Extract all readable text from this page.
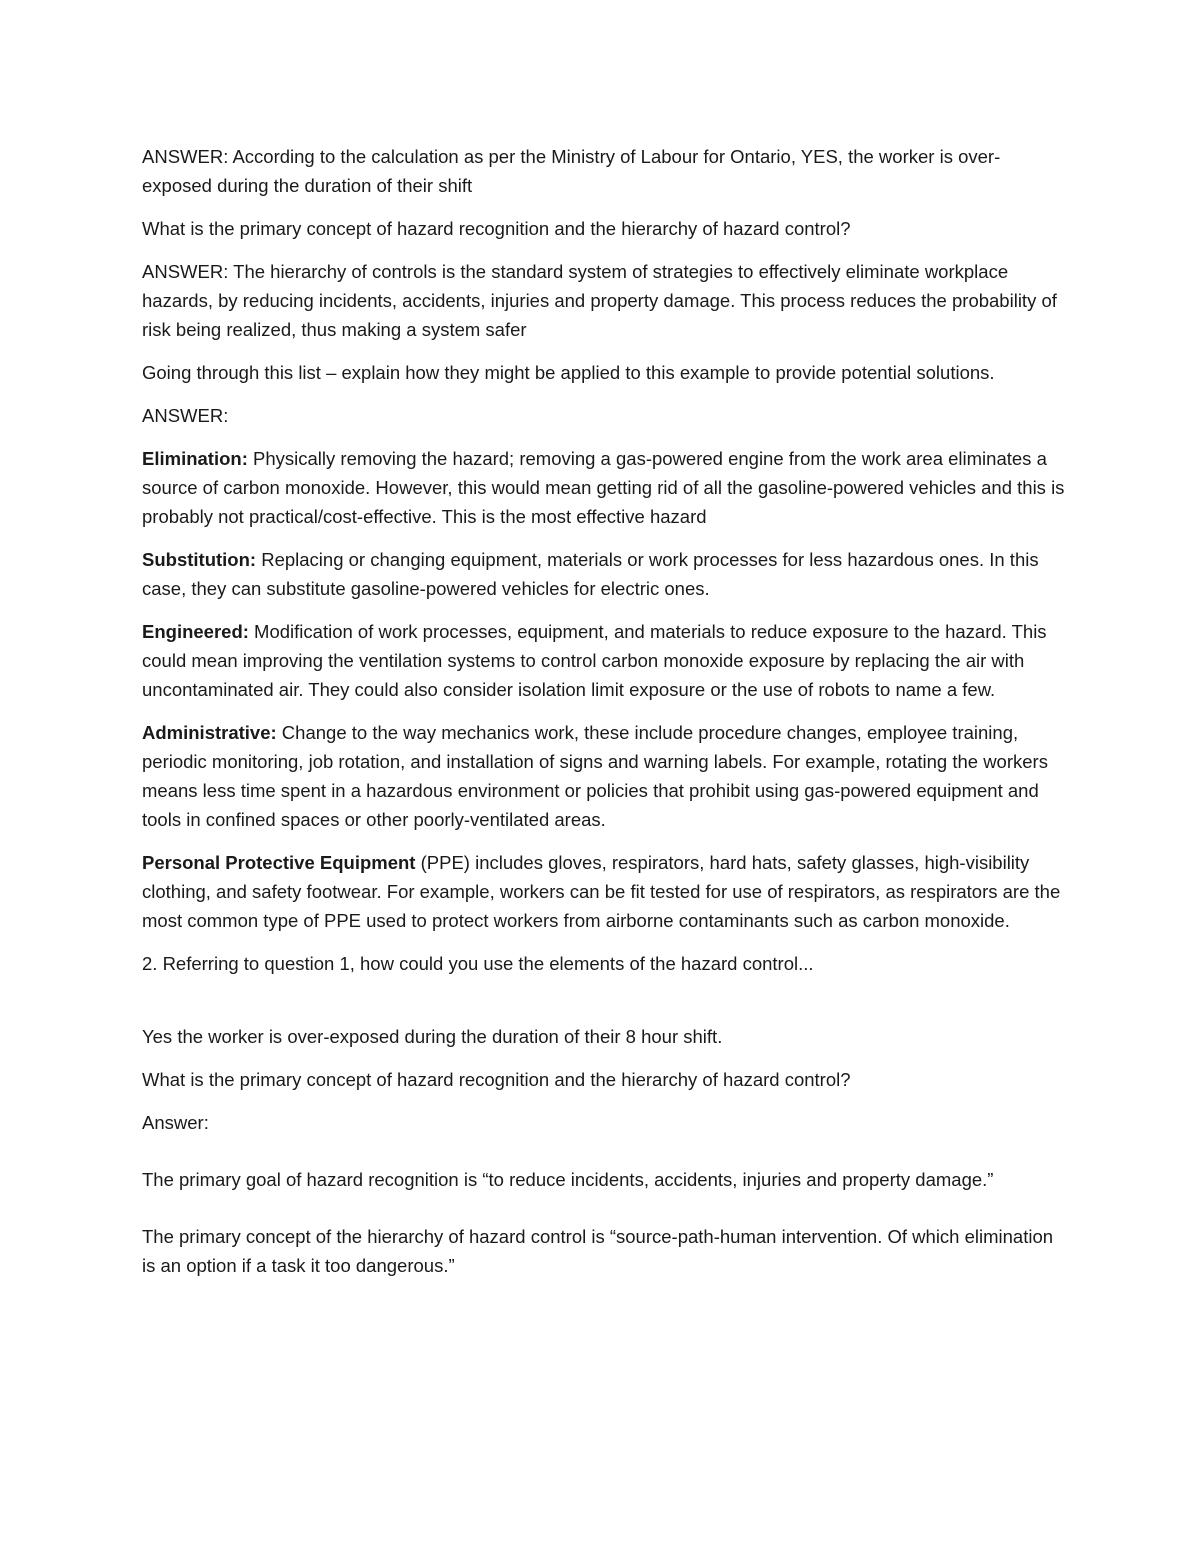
ANSWER: According to the calculation as per the Ministry of Labour for Ontario, YES, the worker is over-exposed during the duration of their shift

What is the primary concept of hazard recognition and the hierarchy of hazard control?

ANSWER: The hierarchy of controls is the standard system of strategies to effectively eliminate workplace hazards, by reducing incidents, accidents, injuries and property damage. This process reduces the probability of risk being realized, thus making a system safer

Going through this list – explain how they might be applied to this example to provide potential solutions.

ANSWER:

Elimination: Physically removing the hazard; removing a gas-powered engine from the work area eliminates a source of carbon monoxide. However, this would mean getting rid of all the gasoline-powered vehicles and this is probably not practical/cost-effective. This is the most effective hazard

Substitution: Replacing or changing equipment, materials or work processes for less hazardous ones. In this case, they can substitute gasoline-powered vehicles for electric ones.

Engineered: Modification of work processes, equipment, and materials to reduce exposure to the hazard. This could mean improving the ventilation systems to control carbon monoxide exposure by replacing the air with uncontaminated air. They could also consider isolation limit exposure or the use of robots to name a few.

Administrative: Change to the way mechanics work, these include procedure changes, employee training, periodic monitoring, job rotation, and installation of signs and warning labels. For example, rotating the workers means less time spent in a hazardous environment or policies that prohibit using gas-powered equipment and tools in confined spaces or other poorly-ventilated areas.

Personal Protective Equipment (PPE) includes gloves, respirators, hard hats, safety glasses, high-visibility clothing, and safety footwear. For example, workers can be fit tested for use of respirators, as respirators are the most common type of PPE used to protect workers from airborne contaminants such as carbon monoxide.

2. Referring to question 1, how could you use the elements of the hazard control...

Yes the worker is over-exposed during the duration of their 8 hour shift.

What is the primary concept of hazard recognition and the hierarchy of hazard control?

Answer:

The primary goal of hazard recognition is “to reduce incidents, accidents, injuries and property damage.”

The primary concept of the hierarchy of hazard control is “source-path-human intervention. Of which elimination is an option if a task it too dangerous.”
